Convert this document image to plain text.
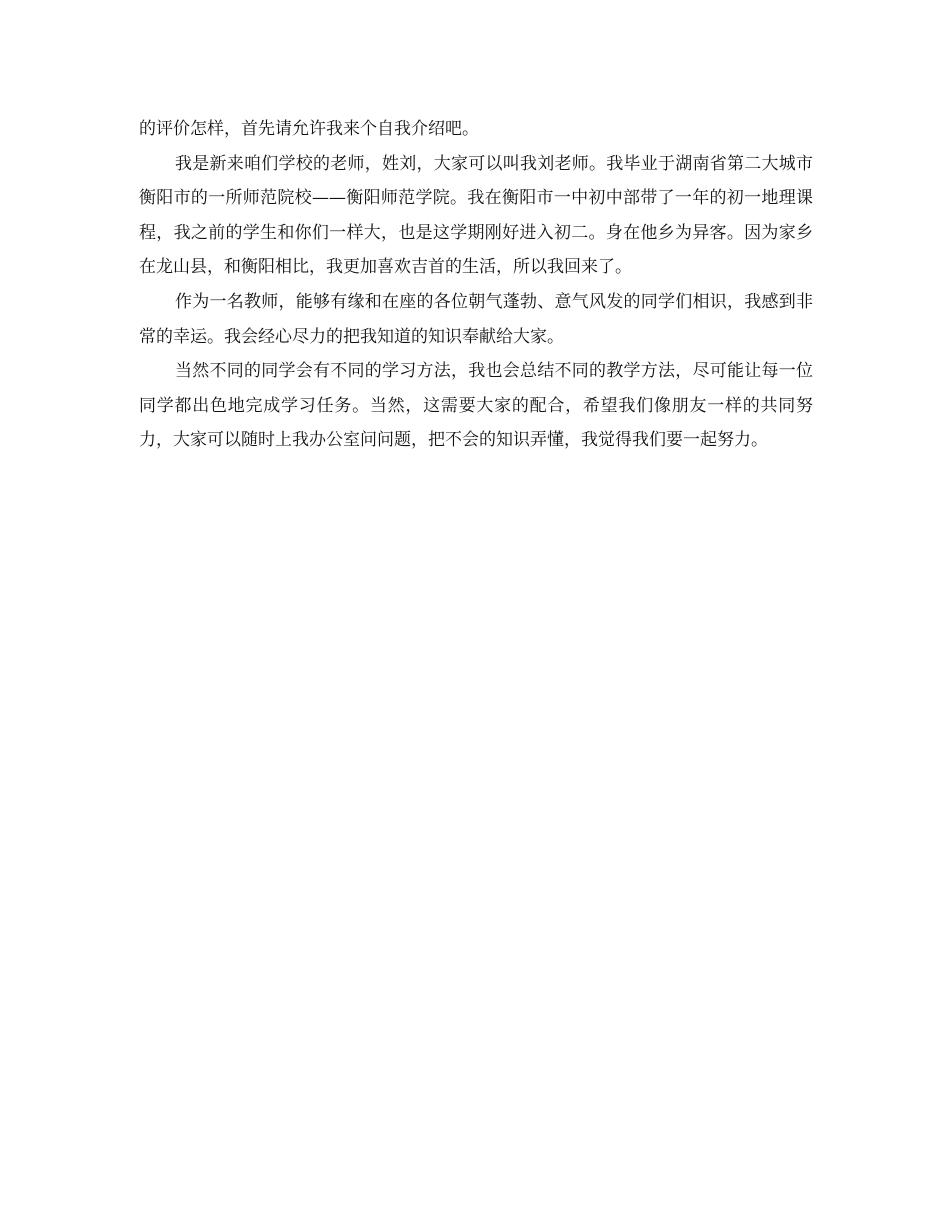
的评价怎样，首先请允许我来个自我介绍吧。

我是新来咱们学校的老师，姓刘，大家可以叫我刘老师。我毕业于湖南省第二大城市衡阳市的一所师范院校——衡阳师范学院。我在衡阳市一中初中部带了一年的初一地理课程，我之前的学生和你们一样大，也是这学期刚好进入初二。身在他乡为异客。因为家乡在龙山县，和衡阳相比，我更加喜欢吉首的生活，所以我回来了。

作为一名教师，能够有缘和在座的各位朝气蓬勃、意气风发的同学们相识，我感到非常的幸运。我会经心尽力的把我知道的知识奉献给大家。

当然不同的同学会有不同的学习方法，我也会总结不同的教学方法，尽可能让每一位同学都出色地完成学习任务。当然，这需要大家的配合，希望我们像朋友一样的共同努力，大家可以随时上我办公室问问题，把不会的知识弄懂，我觉得我们要一起努力。
